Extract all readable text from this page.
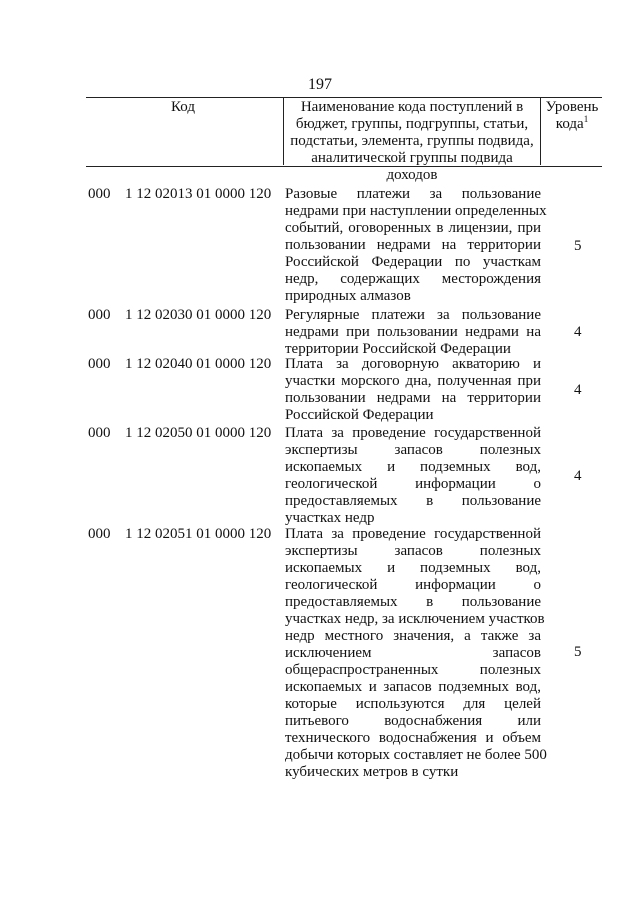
197
Код	Наименование кода поступлений в
бюджет, группы, подгруппы, статьи,
подстатьи, элемента, группы подвида,
аналитической группы подвида доходов
Уровень
кода$^1$
000 1 12 02013 01 0000 120 Разовые платежи за пользование
недрами при наступлении определенных
событий, оговоренных в лицензии, при
пользовании недрами на территории
Российской Федерации по участкам
недр, содержащих месторождения
природных алмазов
5
000 1 12 02030 01 0000 120 Регулярные платежи за пользование
недрами при пользовании недрами на
территории Российской Федерации
4
000 1 12 02040 01 0000 120 Плата за договорную акваторию и
участки морского дна, полученная при
пользовании недрами на территории
Российской Федерации
4
000 1 12 02050 01 0000 120 Плата за проведение государственной
экспертизы запасов полезных
ископаемых и подземных вод,
геологической информации о
предоставляемых в пользование
участках недр
4
000 1 12 02051 01 0000 120 Плата за проведение государственной
экспертизы запасов полезных
ископаемых и подземных вод,
геологической информации о
предоставляемых в пользование
участках недр, за исключением участков
недр местного значения, а также за
исключением запасов
общераспространенных полезных
ископаемых и запасов подземных вод,
которые используются для целей
питьевого водоснабжения или
технического водоснабжения и объем
добычи которых составляет не более 500
кубических метров в сутки
5
